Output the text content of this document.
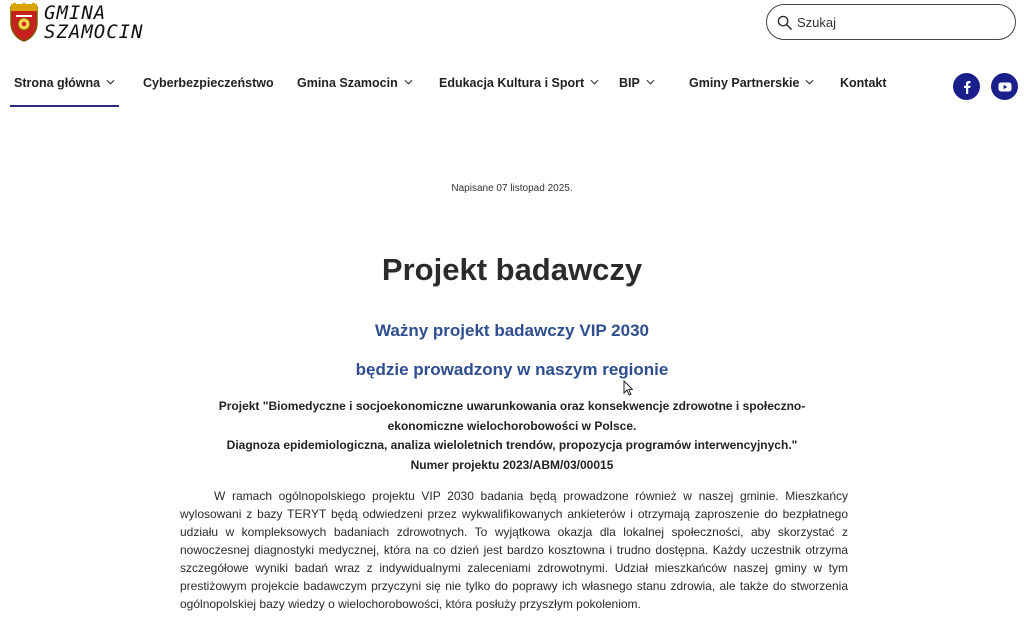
GMINA
SZAMOCIN
Szukaj
Strona główna	Cyberbezpieczeństwo Gmina Szamocin	Edukacja Kultura i Sport	BIP	Gminy Partnerskie	Kontakt
Napisane 07 listopad 2025.
Projekt badawczy
Ważny projekt badawczy VIP 2030
będzie prowadzony w naszym regionie
Projekt "Biomedyczne i socjoekonomiczne uwarunkowania oraz konsekwencje zdrowotne i społeczno-
ekonomiczne wielochorobowości w Polsce.
Diagnoza epidemiologiczna, analiza wieloletnich trendów, propozycja programów interwencyjnych."
Numer projektu 2023/ABM/03/00015

W ramach ogólnopolskiego projektu VIP 2030 badania będą prowadzone również w naszej gminie. Mieszkańcy wylosowani z bazy TERYT będą odwiedzeni przez wykwalifikowanych ankieterów i otrzymają zaproszenie do bezpłatnego udziału w kompleksowych badaniach zdrowotnych. To wyjątkowa okazja dla lokalnej społeczności, aby skorzystać z nowoczesnej diagnostyki medycznej, która na co dzień jest bardzo kosztowna i trudno dostępna. Każdy uczestnik otrzyma szczegółowe wyniki badań wraz z indywidualnymi zaleceniami zdrowotnymi. Udział mieszkańców naszej gminy w tym prestiżowym projekcie badawczym przyczyni się nie tylko do poprawy ich własnego stanu zdrowia, ale także do stworzenia ogólnopolskiej bazy wiedzy o wielochorobowości, która posłuży przyszłym pokoleniom.
